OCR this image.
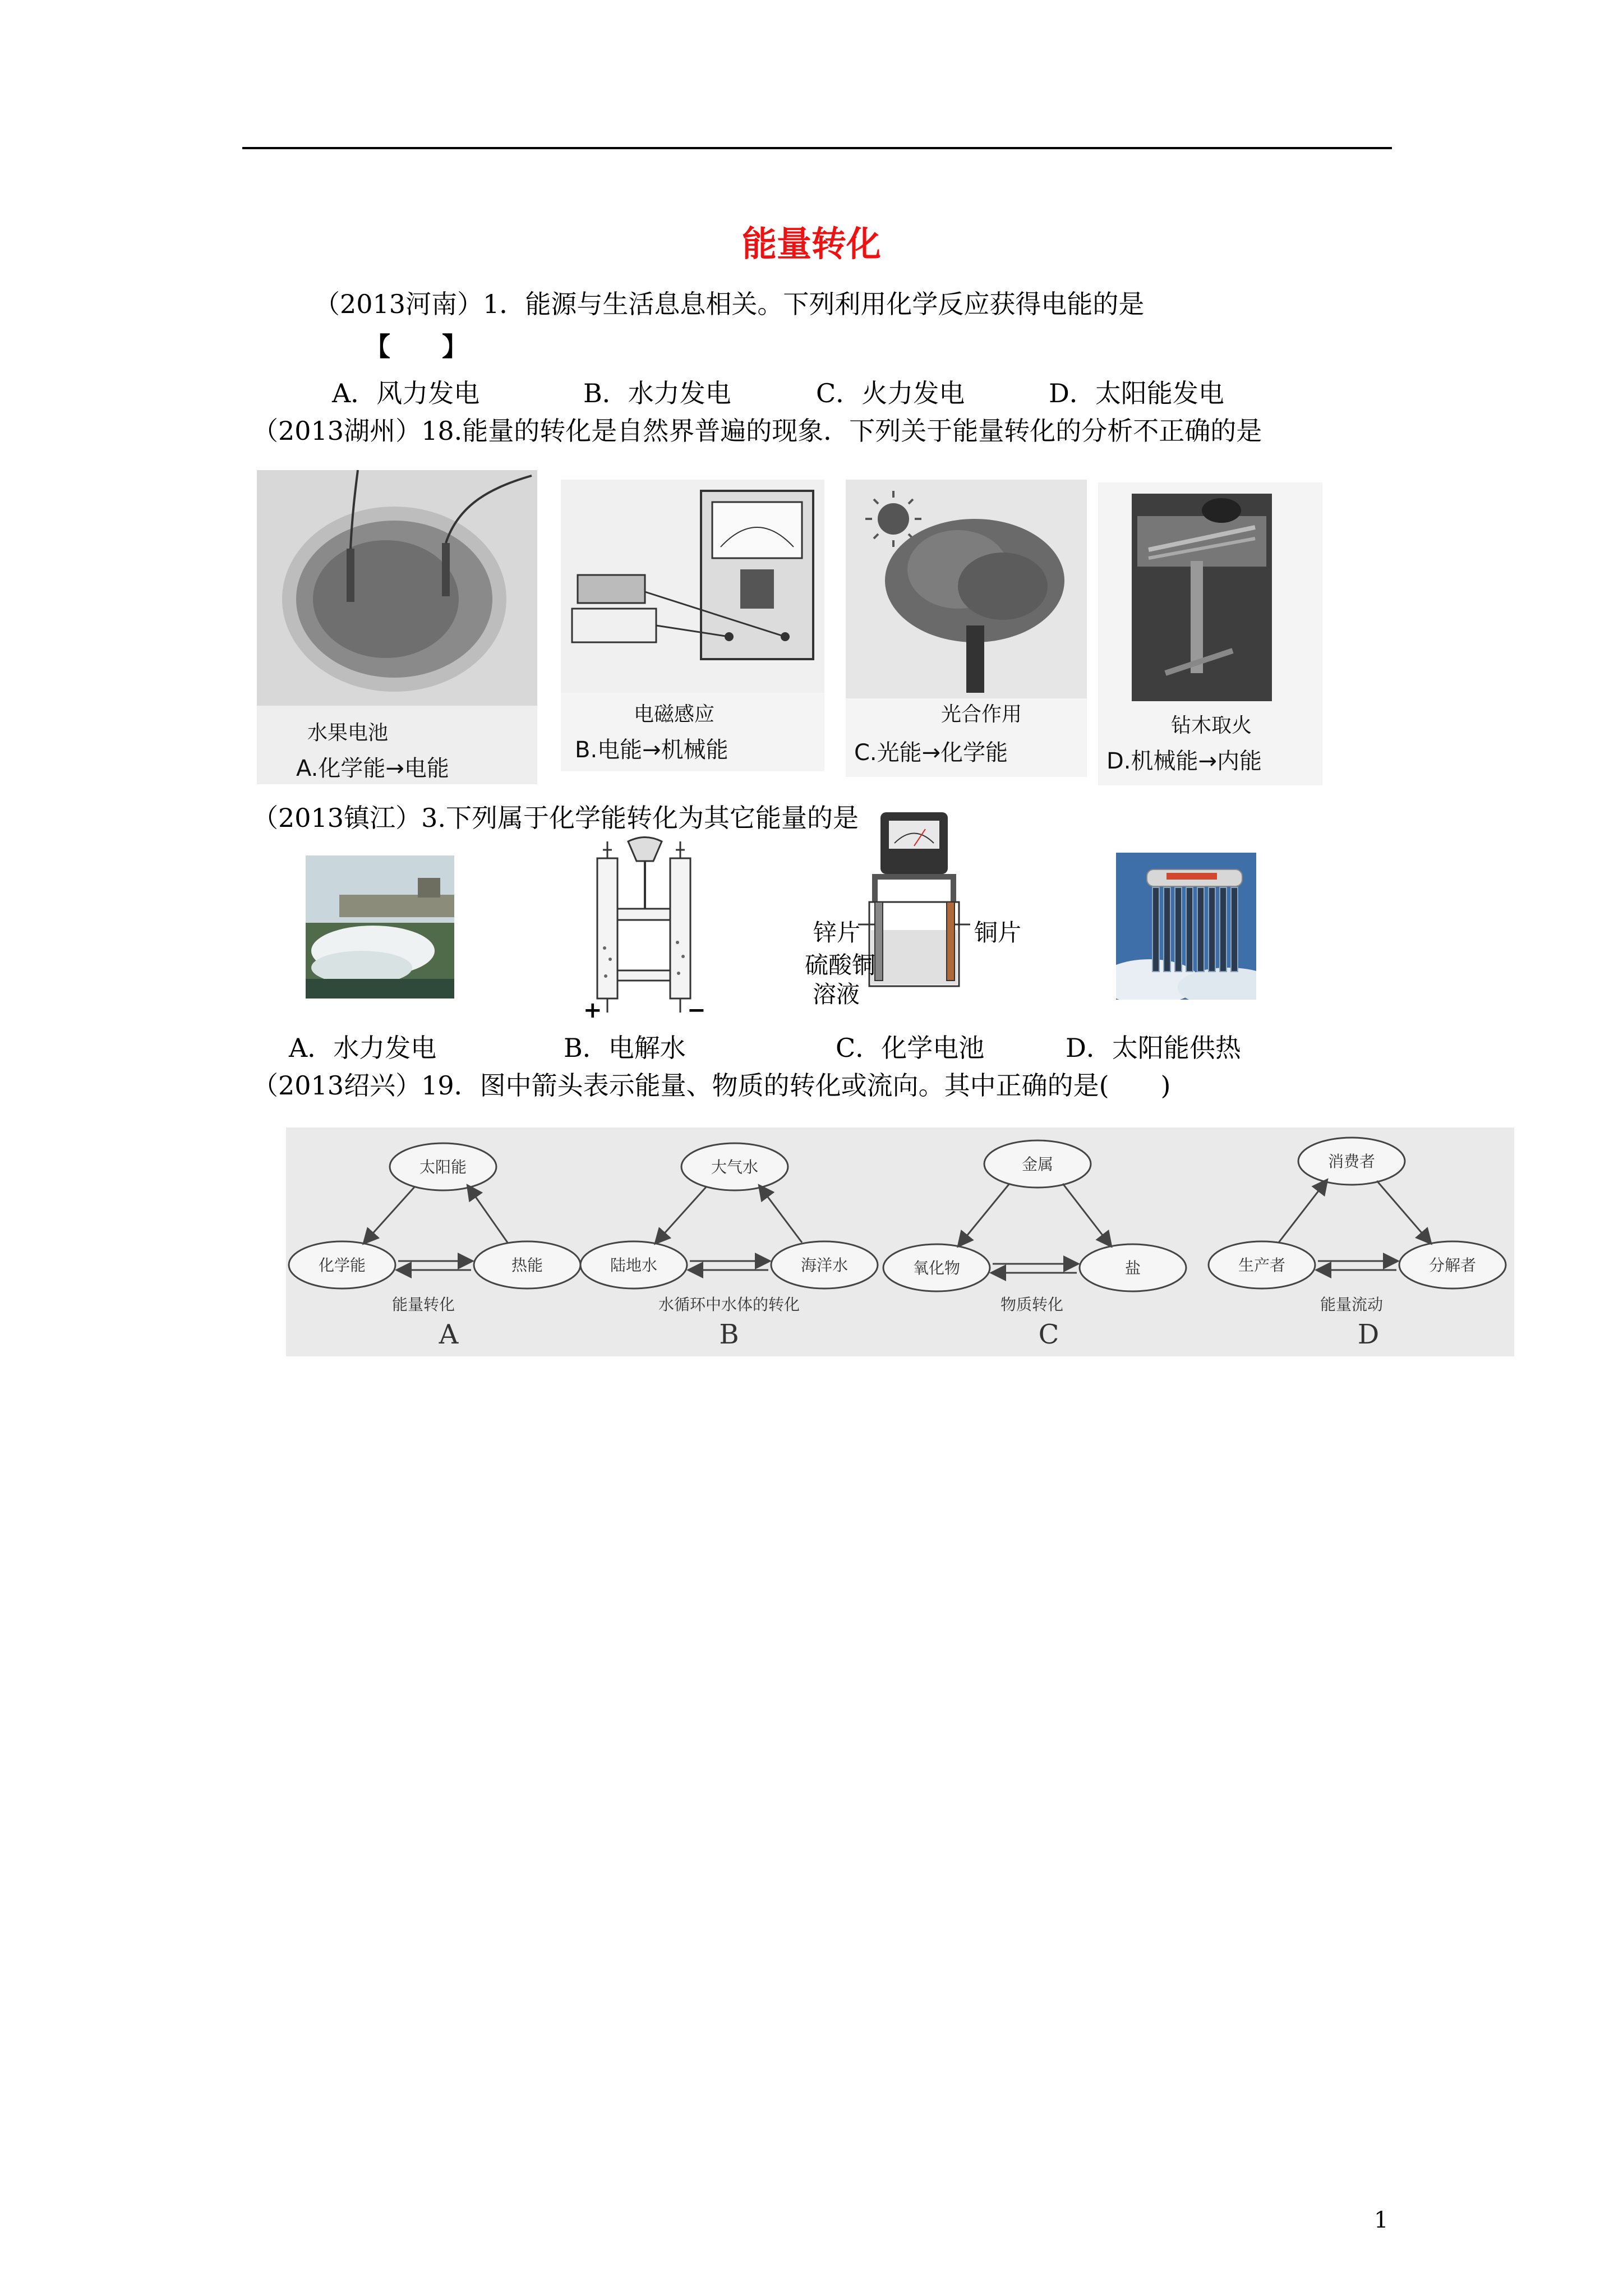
能量转化
（2013河南）1．能源与生活息息相关。下列利用化学反应获得电能的是
【　　】
A．风力发电	B．水力发电	C．火力发电	D．太阳能发电
（2013湖州）18.能量的转化是自然界普遍的现象．下列关于能量转化的分析不正确的是
水果电池
A.化学能→电能
电磁感应
B.电能→机械能
光合作用
C.光能→化学能
钻木取火
D.机械能→内能
（2013镇江）3.下列属于化学能转化为其它能量的是
+	−
锌片	铜片
硫酸铜
溶液
A．水力发电	B．电解水	C．化学电池	D．太阳能供热
（2013绍兴）19．图中箭头表示能量、物质的转化或流向。其中正确的是(　　)
太阳能
化学能	热能
能量转化
A
大气水
陆地水	海洋水
水循环中水体的转化
B
金属
氧化物	盐
物质转化
C
消费者
生产者	分解者
能量流动
D
1
